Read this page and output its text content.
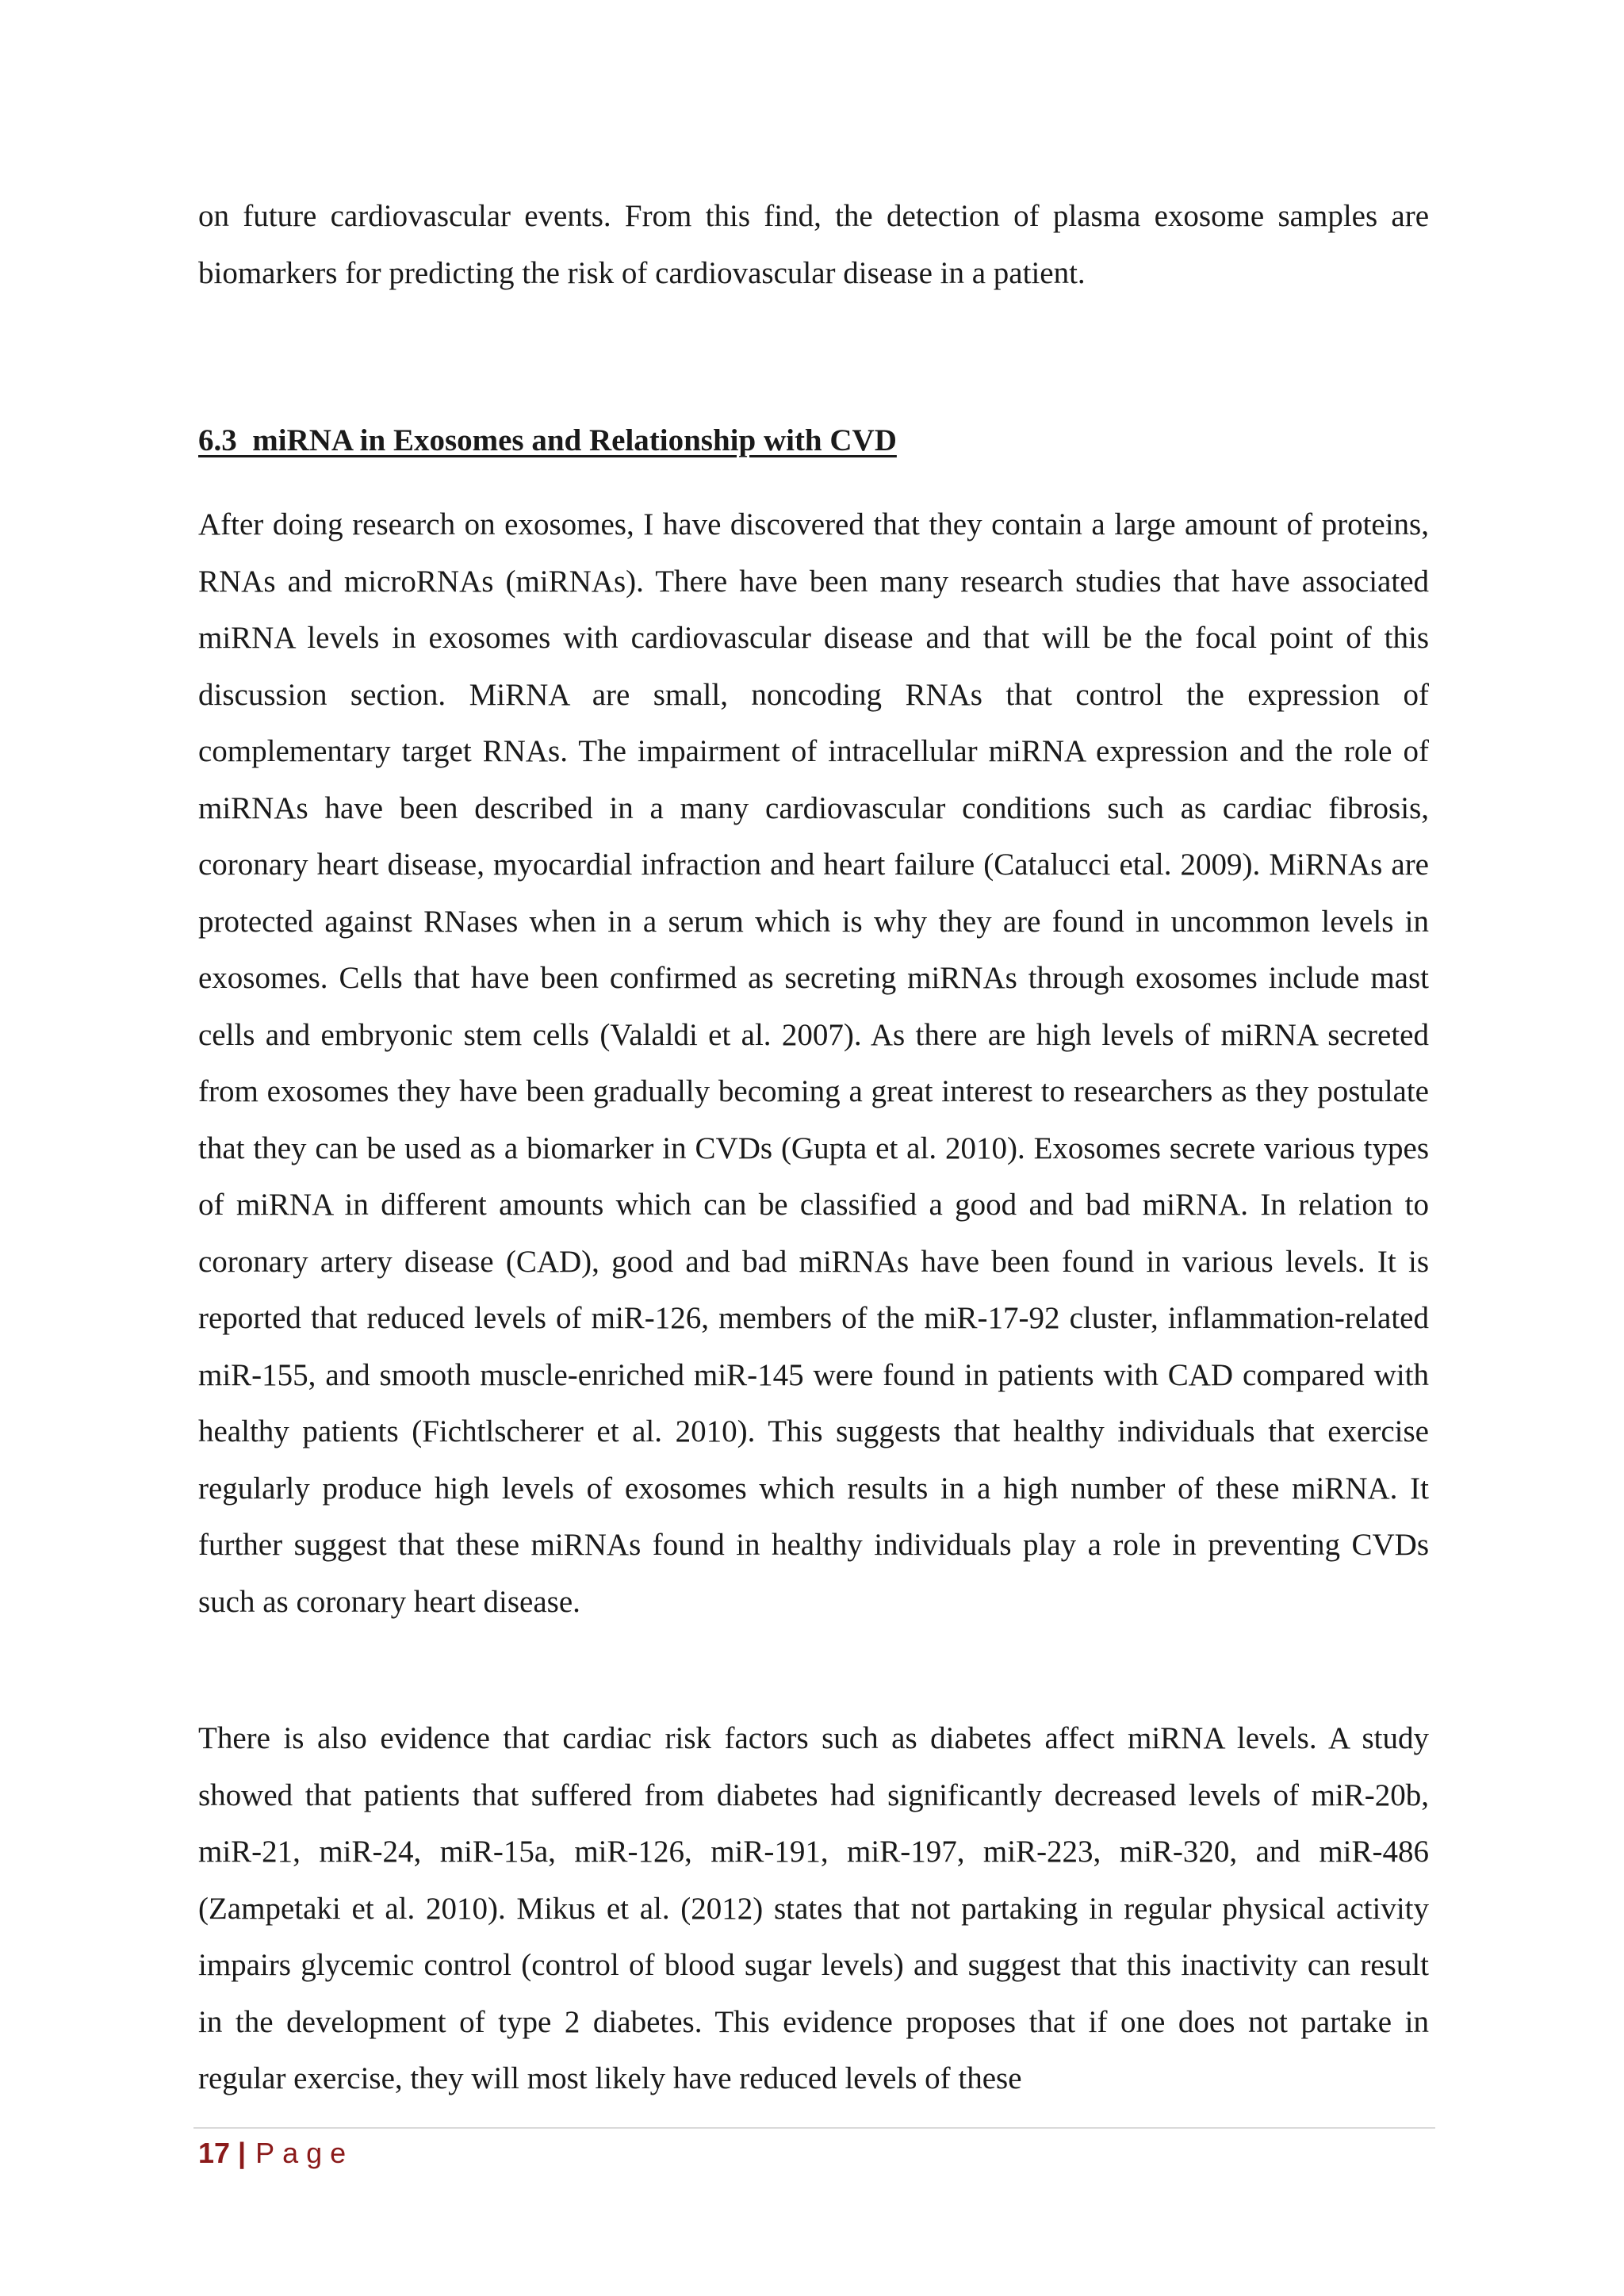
on future cardiovascular events. From this find, the detection of plasma exosome samples are biomarkers for predicting the risk of cardiovascular disease in a patient.

6.3  miRNA in Exosomes and Relationship with CVD

After doing research on exosomes, I have discovered that they contain a large amount of proteins, RNAs and microRNAs (miRNAs). There have been many research studies that have associated miRNA levels in exosomes with cardiovascular disease and that will be the focal point of this discussion section. MiRNA are small, noncoding RNAs that control the expression of complementary target RNAs. The impairment of intracellular miRNA expression and the role of miRNAs have been described in a many cardiovascular conditions such as cardiac fibrosis, coronary heart disease, myocardial infraction and heart failure (Catalucci etal. 2009). MiRNAs are protected against RNases when in a serum which is why they are found in uncommon levels in exosomes. Cells that have been confirmed as secreting miRNAs through exosomes include mast cells and embryonic stem cells (Valaldi et al. 2007). As there are high levels of miRNA secreted from exosomes they have been gradually becoming a great interest to researchers as they postulate that they can be used as a biomarker in CVDs (Gupta et al. 2010). Exosomes secrete various types of miRNA in different amounts which can be classified a good and bad miRNA. In relation to coronary artery disease (CAD), good and bad miRNAs have been found in various levels. It is reported that reduced levels of miR-126, members of the miR-17-92 cluster, inflammation-related miR-155, and smooth muscle-enriched miR-145 were found in patients with CAD compared with healthy patients (Fichtlscherer et al. 2010). This suggests that healthy individuals that exercise regularly produce high levels of exosomes which results in a high number of these miRNA. It further suggest that these miRNAs found in healthy individuals play a role in preventing CVDs such as coronary heart disease.

There is also evidence that cardiac risk factors such as diabetes affect miRNA levels. A study showed that patients that suffered from diabetes had significantly decreased levels of miR-20b, miR-21, miR-24, miR-15a, miR-126, miR-191, miR-197, miR-223, miR-320, and miR-486 (Zampetaki et al. 2010). Mikus et al. (2012) states that not partaking in regular physical activity impairs glycemic control (control of blood sugar levels) and suggest that this inactivity can result in the development of type 2 diabetes. This evidence proposes that if one does not partake in regular exercise, they will most likely have reduced levels of these

17 | Page
